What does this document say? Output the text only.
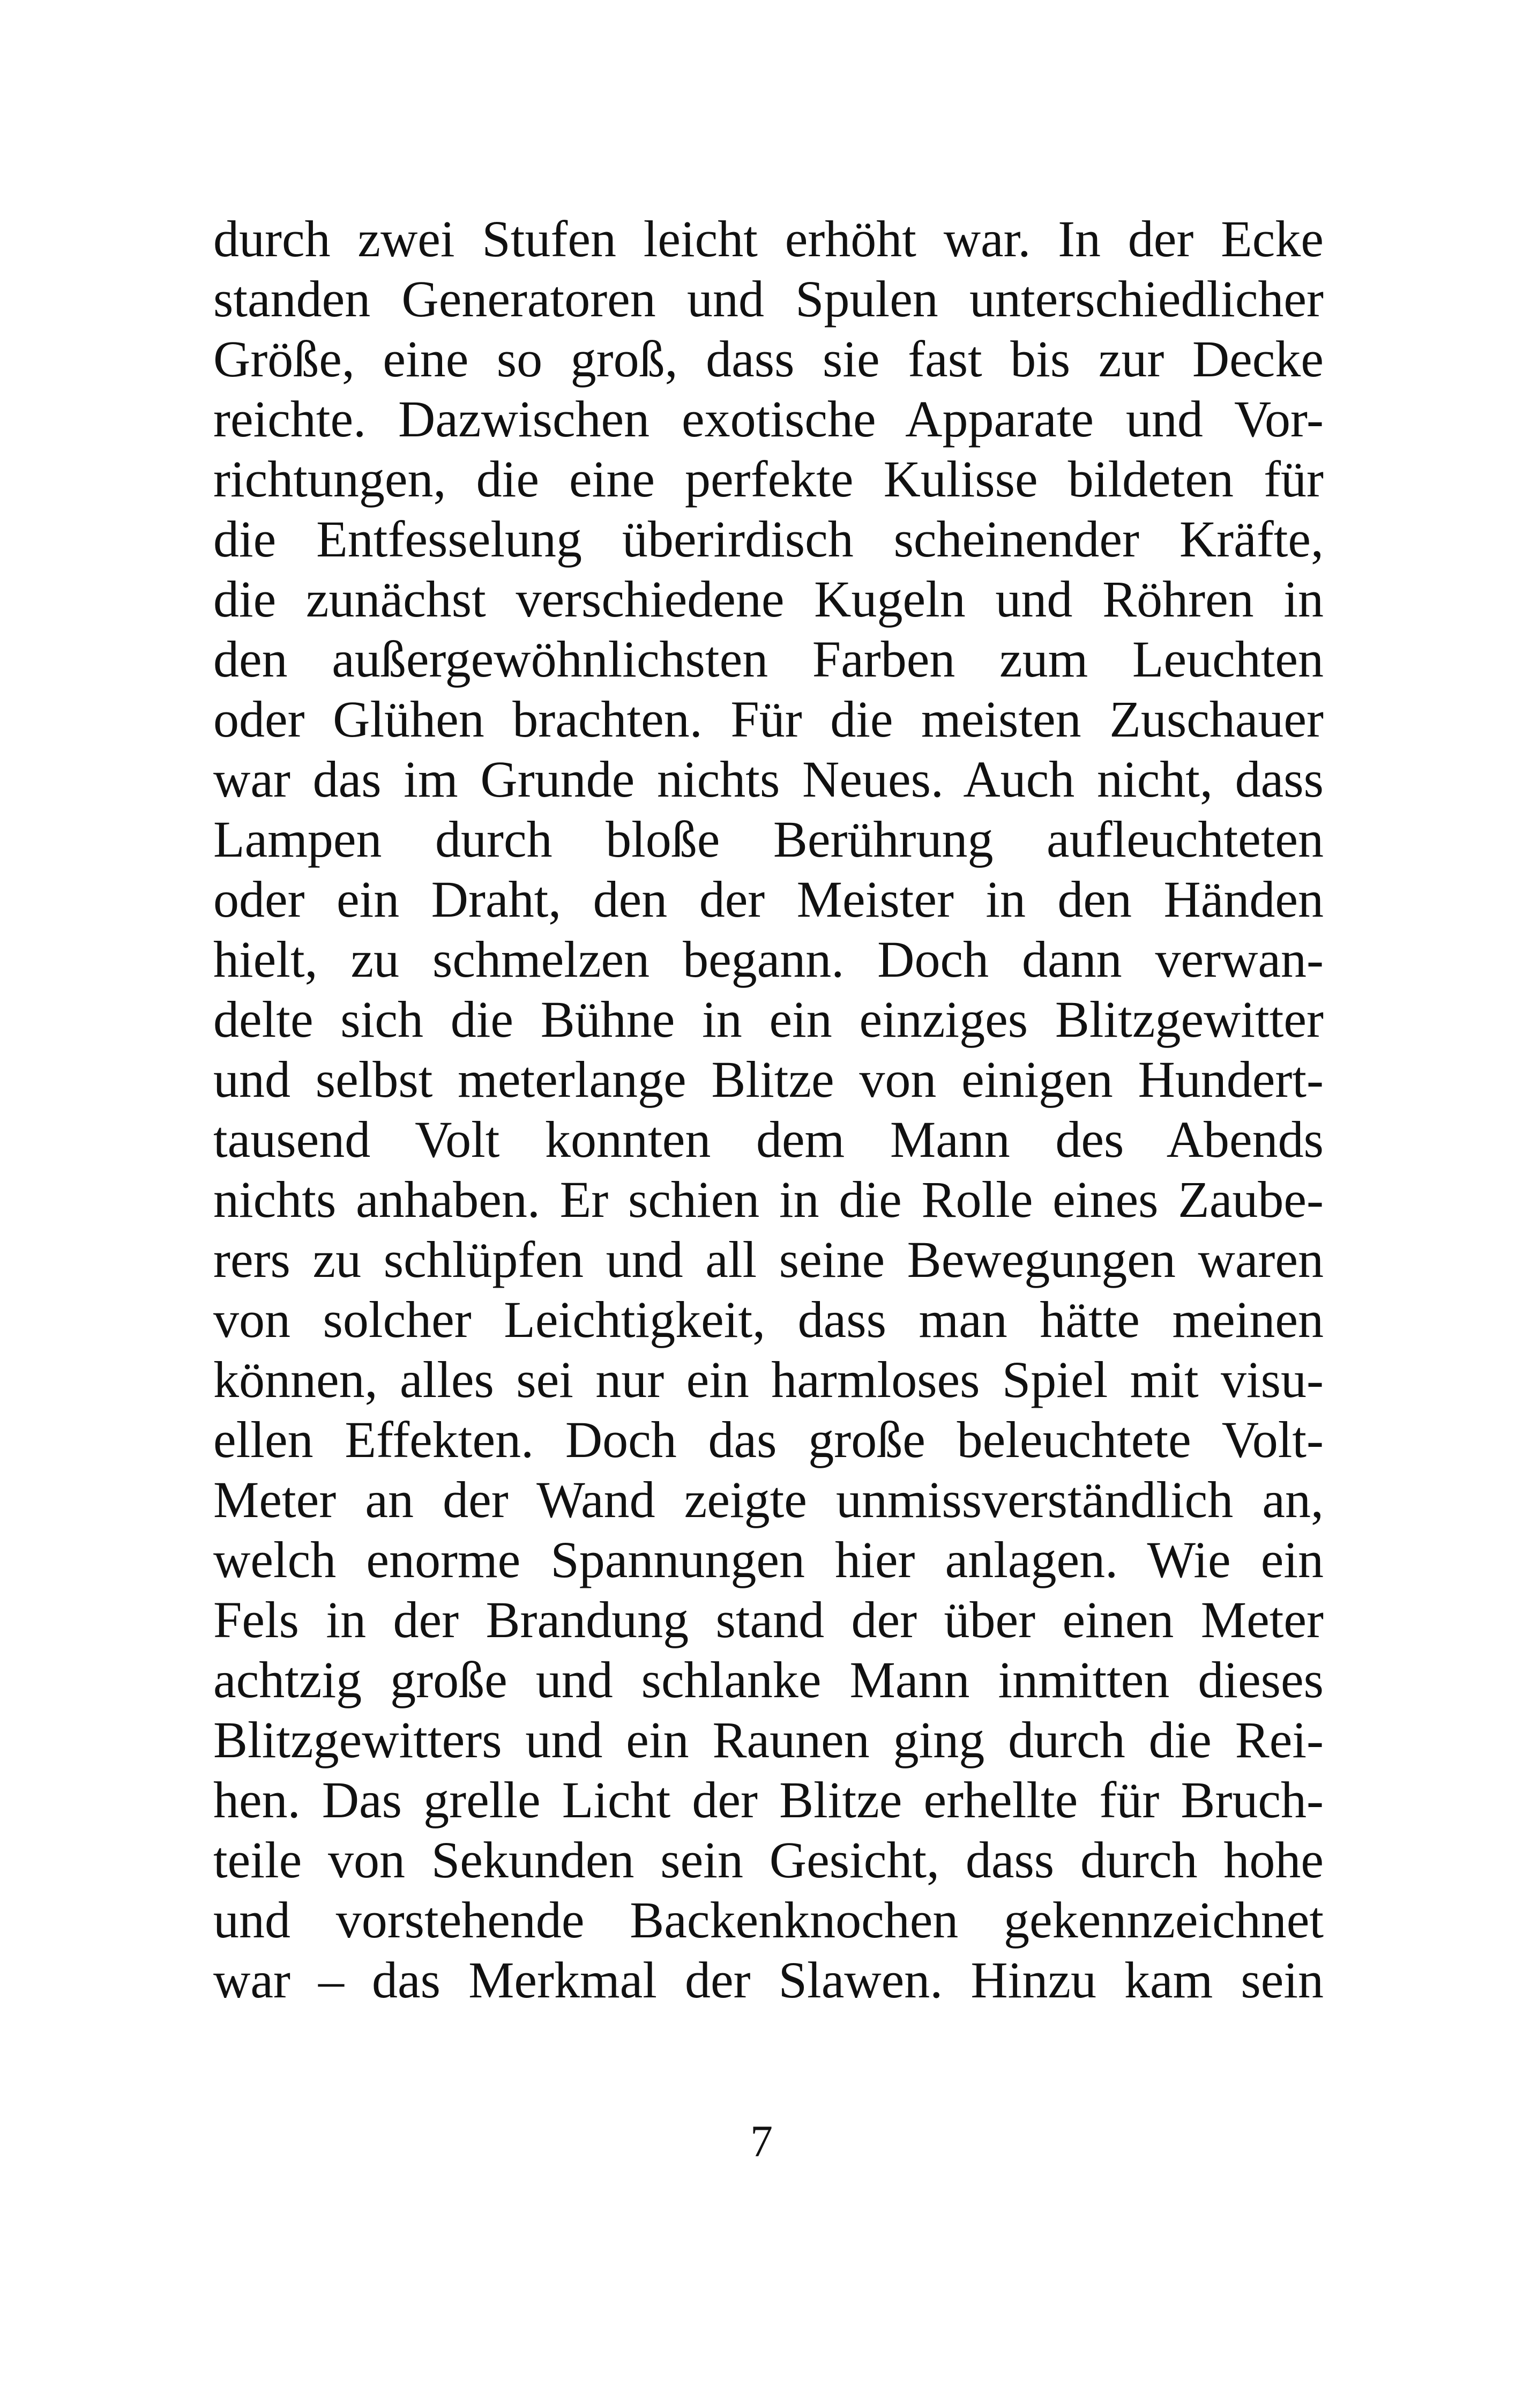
durch zwei Stufen leicht erhöht war. In der Ecke
standen Generatoren und Spulen unterschiedlicher
Größe, eine so groß, dass sie fast bis zur Decke
reichte. Dazwischen exotische Apparate und Vor-
richtungen, die eine perfekte Kulisse bildeten für
die Entfesselung überirdisch scheinender Kräfte,
die zunächst verschiedene Kugeln und Röhren in
den außergewöhnlichsten Farben zum Leuchten
oder Glühen brachten. Für die meisten Zuschauer
war das im Grunde nichts Neues. Auch nicht, dass
Lampen durch bloße Berührung aufleuchteten
oder ein Draht, den der Meister in den Händen
hielt, zu schmelzen begann. Doch dann verwan-
delte sich die Bühne in ein einziges Blitzgewitter
und selbst meterlange Blitze von einigen Hundert-
tausend Volt konnten dem Mann des Abends
nichts anhaben. Er schien in die Rolle eines Zaube-
rers zu schlüpfen und all seine Bewegungen waren
von solcher Leichtigkeit, dass man hätte meinen
können, alles sei nur ein harmloses Spiel mit visu-
ellen Effekten. Doch das große beleuchtete Volt-
Meter an der Wand zeigte unmissverständlich an,
welch enorme Spannungen hier anlagen. Wie ein
Fels in der Brandung stand der über einen Meter
achtzig große und schlanke Mann inmitten dieses
Blitzgewitters und ein Raunen ging durch die Rei-
hen. Das grelle Licht der Blitze erhellte für Bruch-
teile von Sekunden sein Gesicht, dass durch hohe
und vorstehende Backenknochen gekennzeichnet
war – das Merkmal der Slawen. Hinzu kam sein
7
